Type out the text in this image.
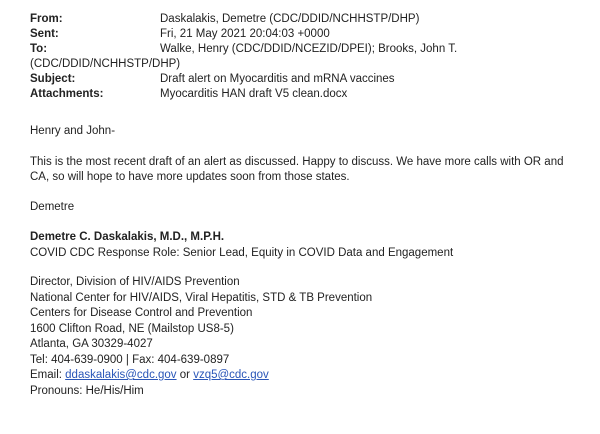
From:	Daskalakis, Demetre (CDC/DDID/NCHHSTP/DHP)
Sent:	Fri, 21 May 2021 20:04:03 +0000
To:	Walke, Henry (CDC/DDID/NCEZID/DPEI); Brooks, John T.
(CDC/DDID/NCHHSTP/DHP)
Subject:	Draft alert on Myocarditis and mRNA vaccines
Attachments:	Myocarditis HAN draft V5 clean.docx
Henry and John-
This is the most recent draft of an alert as discussed. Happy to discuss. We have more calls with OR and
CA, so will hope to have more updates soon from those states.
Demetre
Demetre C. Daskalakis, M.D., M.P.H.
COVID CDC Response Role: Senior Lead, Equity in COVID Data and Engagement
Director, Division of HIV/AIDS Prevention
National Center for HIV/AIDS, Viral Hepatitis, STD & TB Prevention
Centers for Disease Control and Prevention
1600 Clifton Road, NE (Mailstop US8-5)
Atlanta, GA 30329-4027
Tel: 404-639-0900 | Fax: 404-639-0897
Email: ddaskalakis@cdc.gov or vzq5@cdc.gov
Pronouns: He/His/Him
